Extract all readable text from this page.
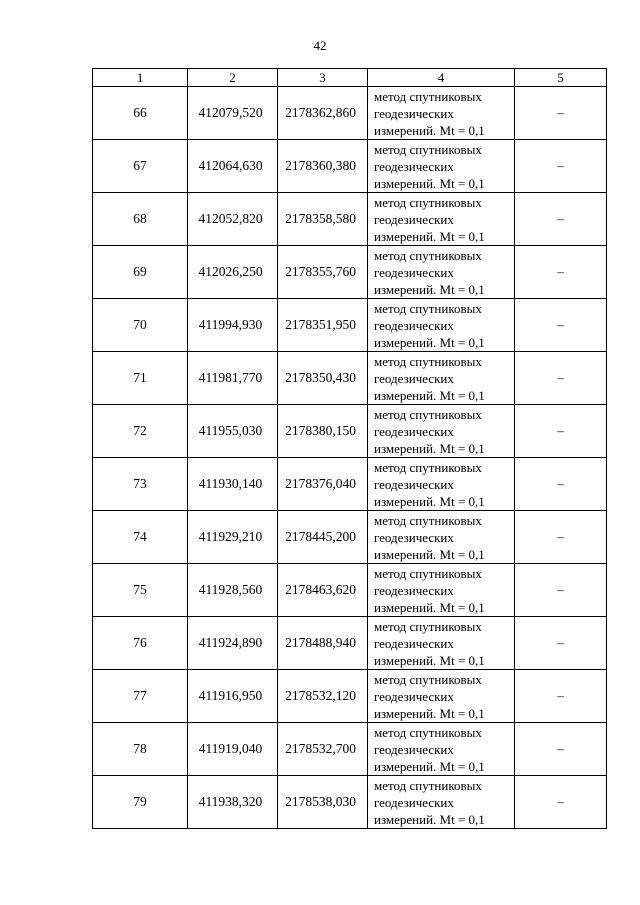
42
1	2	3	4	5
66	412079,520	2178362,860	метод спутниковых
геодезических
измерений. Mt = 0,1	–
67	412064,630	2178360,380	метод спутниковых
геодезических
измерений. Mt = 0,1	–
68	412052,820	2178358,580	метод спутниковых
геодезических
измерений. Mt = 0,1	–
69	412026,250	2178355,760	метод спутниковых
геодезических
измерений. Mt = 0,1	–
70	411994,930	2178351,950	метод спутниковых
геодезических
измерений. Mt = 0,1	–
71	411981,770	2178350,430	метод спутниковых
геодезических
измерений. Mt = 0,1	–
72	411955,030	2178380,150	метод спутниковых
геодезических
измерений. Mt = 0,1	–
73	411930,140	2178376,040	метод спутниковых
геодезических
измерений. Mt = 0,1	–
74	411929,210	2178445,200	метод спутниковых
геодезических
измерений. Mt = 0,1	–
75	411928,560	2178463,620	метод спутниковых
геодезических
измерений. Mt = 0,1	–
76	411924,890	2178488,940	метод спутниковых
геодезических
измерений. Mt = 0,1	–
77	411916,950	2178532,120	метод спутниковых
геодезических
измерений. Mt = 0,1	–
78	411919,040	2178532,700	метод спутниковых
геодезических
измерений. Mt = 0,1	–
79	411938,320	2178538,030	метод спутниковых
геодезических
измерений. Mt = 0,1	–
